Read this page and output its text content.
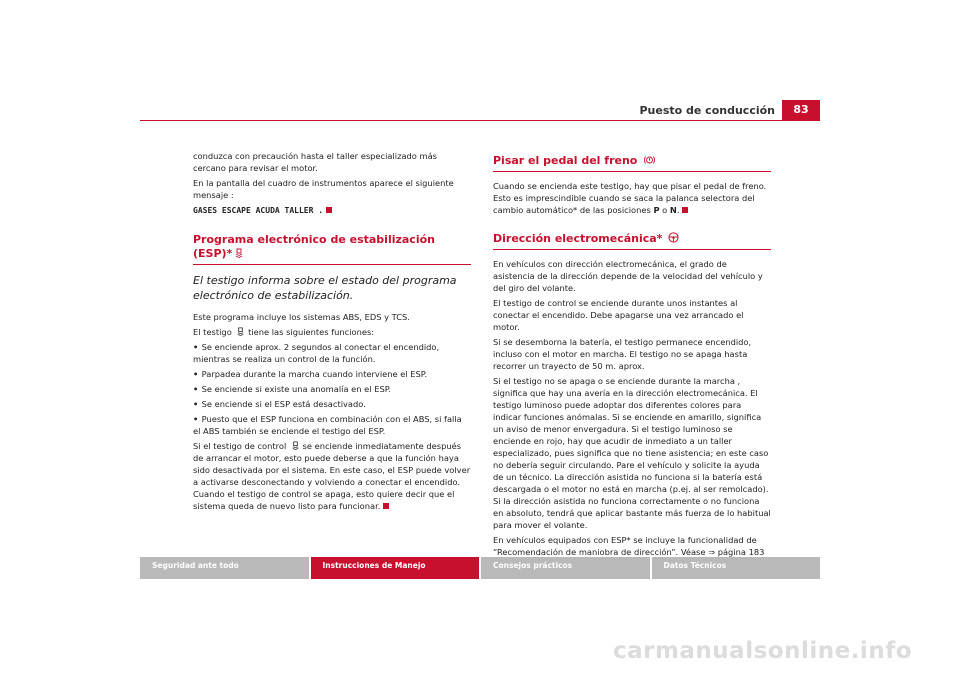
Puesto de conducción	83

conduzca con precaución hasta el taller especializado más cercano para revisar el motor.

En la pantalla del cuadro de instrumentos aparece el siguiente mensaje :

GASES ESCAPE ACUDA TALLER .

Programa electrónico de estabilización (ESP)*
El testigo informa sobre el estado del programa electrónico de estabilización.

Este programa incluye los sistemas ABS, EDS y TCS.

El testigo tiene las siguientes funciones:

• Se enciende aprox. 2 segundos al conectar el encendido, mientras se realiza un control de la función.

• Parpadea durante la marcha cuando interviene el ESP.

• Se enciende si existe una anomalía en el ESP.

• Se enciende si el ESP está desactivado.

• Puesto que el ESP funciona en combinación con el ABS, si falla el ABS también se enciende el testigo del ESP.

Si el testigo de control se enciende inmediatamente después de arrancar el motor, esto puede deberse a que la función haya sido desactivada por el sistema. En este caso, el ESP puede volver a activarse desconectando y volviendo a conectar el encendido. Cuando el testigo de control se apaga, esto quiere decir que el sistema queda de nuevo listo para funcionar.

Pisar el pedal del freno

Cuando se encienda este testigo, hay que pisar el pedal de freno. Esto es imprescindible cuando se saca la palanca selectora del cambio automático* de las posiciones P o N.

Dirección electromecánica*

En vehículos con dirección electromecánica, el grado de asistencia de la dirección depende de la velocidad del vehículo y del giro del volante.

El testigo de control se enciende durante unos instantes al conectar el encendido. Debe apagarse una vez arrancado el motor.

Si se desemborna la batería, el testigo permanece encendido, incluso con el motor en marcha. El testigo no se apaga hasta recorrer un trayecto de 50 m. aprox.

Si el testigo no se apaga o se enciende durante la marcha , significa que hay una avería en la dirección electromecánica. El testigo luminoso puede adoptar dos diferentes colores para indicar funciones anómalas. Si se enciende en amarillo, significa un aviso de menor envergadura. Si el testigo luminoso se enciende en rojo, hay que acudir de inmediato a un taller especializado, pues significa que no tiene asistencia; en este caso no debería seguir circulando. Pare el vehículo y solicite la ayuda de un técnico. La dirección asistida no funciona si la batería está descargada o el motor no está en marcha (p.ej. al ser remolcado). Si la dirección asistida no funciona correctamente o no funciona en absoluto, tendrá que aplicar bastante más fuerza de lo habitual para mover el volante.

En vehículos equipados con ESP* se incluye la funcionalidad de “Recomendación de maniobra de dirección”. Véase ⇒ página 183

Seguridad ante todo	Instrucciones de Manejo	Consejos prácticos	Datos Técnicos
carmanualsonline.info
